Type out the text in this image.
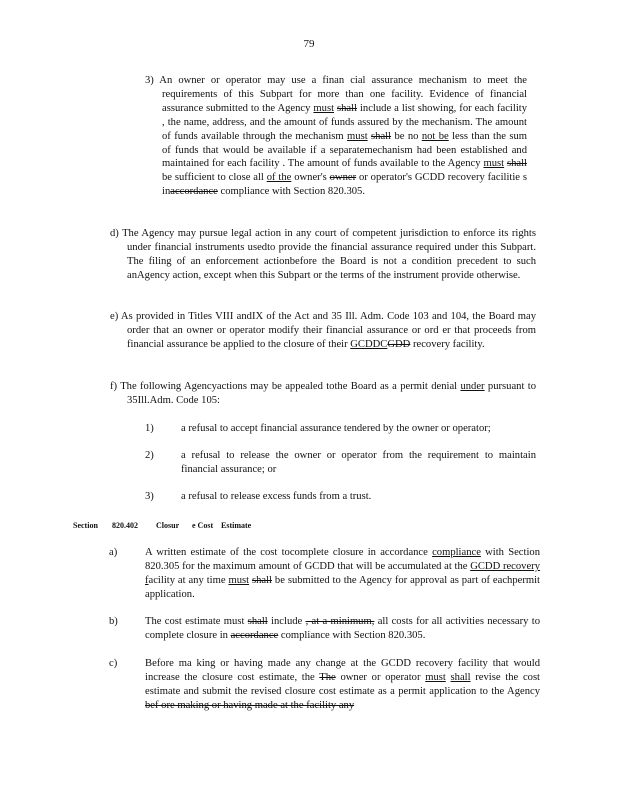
79
3) An owner or operator may use a finan cial assurance mechanism to meet the requirements of this Subpart for more than one facility. Evidence of financial assurance submitted to the Agency must shall include a list showing, for each facility , the name, address, and the amount of funds assured by the mechanism. The amount of funds available through the mechanism must shall be no not be less than the sum of funds that would be available if a separatemechanism had been established and maintained for each facility . The amount of funds available to the Agency must shall be sufficient to close all of the owner's owner or operator's GCDD recovery facilitie s inaccordance compliance with Section 820.305.
d) The Agency may pursue legal action in any court of competent jurisdiction to enforce its rights under financial instruments usedto provide the financial assurance required under this Subpart. The filing of an enforcement actionbefore the Board is not a condition precedent to such anAgency action, except when this Subpart or the terms of the instrument provide otherwise.
e) As provided in Titles VIII andIX of the Act and 35 Ill. Adm. Code 103 and 104, the Board may order that an owner or operator modify their financial assurance or ord er that proceeds from financial assurance be applied to the closure of their GCDDCGDD recovery facility.
f) The following Agencyactions may be appealed tothe Board as a permit denial under pursuant to 35Ill.Adm. Code 105:
1)	a refusal to accept financial assurance tendered by the owner or operator;
2)	a refusal to release the owner or operator from the requirement to maintain financial assurance; or
3)	a refusal to release excess funds from a trust.
Section 820.402 Closur e Cost Estimate
a)	A written estimate of the cost tocomplete closure in accordance compliance with Section 820.305 for the maximum amount of GCDD that will be accumulated at the GCDD recovery facility at any time must shall be submitted to the Agency for approval as part of eachpermit application.
b)	The cost estimate must shall include , at a minimum, all costs for all activities necessary to complete closure in accordance compliance with Section 820.305.
c)	Before ma king or having made any change at the GCDD recovery facility that would increase the closure cost estimate, the The owner or operator must shall revise the cost estimate and submit the revised closure cost estimate as a permit application to the Agency bef ore making or having made at the facility any
